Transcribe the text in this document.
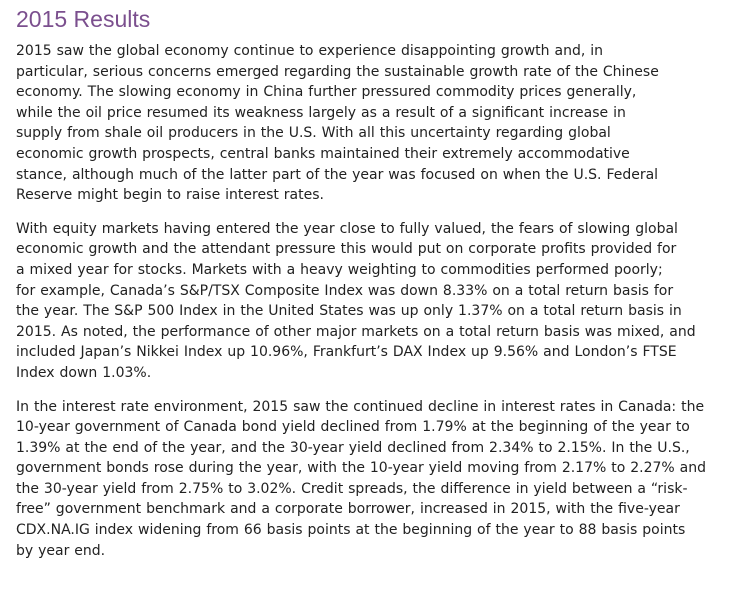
2015 Results

2015 saw the global economy continue to experience disappointing growth and, in
particular, serious concerns emerged regarding the sustainable growth rate of the Chinese
economy. The slowing economy in China further pressured commodity prices generally,
while the oil price resumed its weakness largely as a result of a significant increase in
supply from shale oil producers in the U.S. With all this uncertainty regarding global
economic growth prospects, central banks maintained their extremely accommodative
stance, although much of the latter part of the year was focused on when the U.S. Federal
Reserve might begin to raise interest rates.

With equity markets having entered the year close to fully valued, the fears of slowing global
economic growth and the attendant pressure this would put on corporate profits provided for
a mixed year for stocks. Markets with a heavy weighting to commodities performed poorly;
for example, Canada’s S&P/TSX Composite Index was down 8.33% on a total return basis for
the year. The S&P 500 Index in the United States was up only 1.37% on a total return basis in
2015. As noted, the performance of other major markets on a total return basis was mixed, and
included Japan’s Nikkei Index up 10.96%, Frankfurt’s DAX Index up 9.56% and London’s FTSE
Index down 1.03%.

In the interest rate environment, 2015 saw the continued decline in interest rates in Canada: the
10-year government of Canada bond yield declined from 1.79% at the beginning of the year to
1.39% at the end of the year, and the 30-year yield declined from 2.34% to 2.15%. In the U.S.,
government bonds rose during the year, with the 10-year yield moving from 2.17% to 2.27% and
the 30-year yield from 2.75% to 3.02%. Credit spreads, the difference in yield between a “risk-
free” government benchmark and a corporate borrower, increased in 2015, with the five-year
CDX.NA.IG index widening from 66 basis points at the beginning of the year to 88 basis points
by year end.
